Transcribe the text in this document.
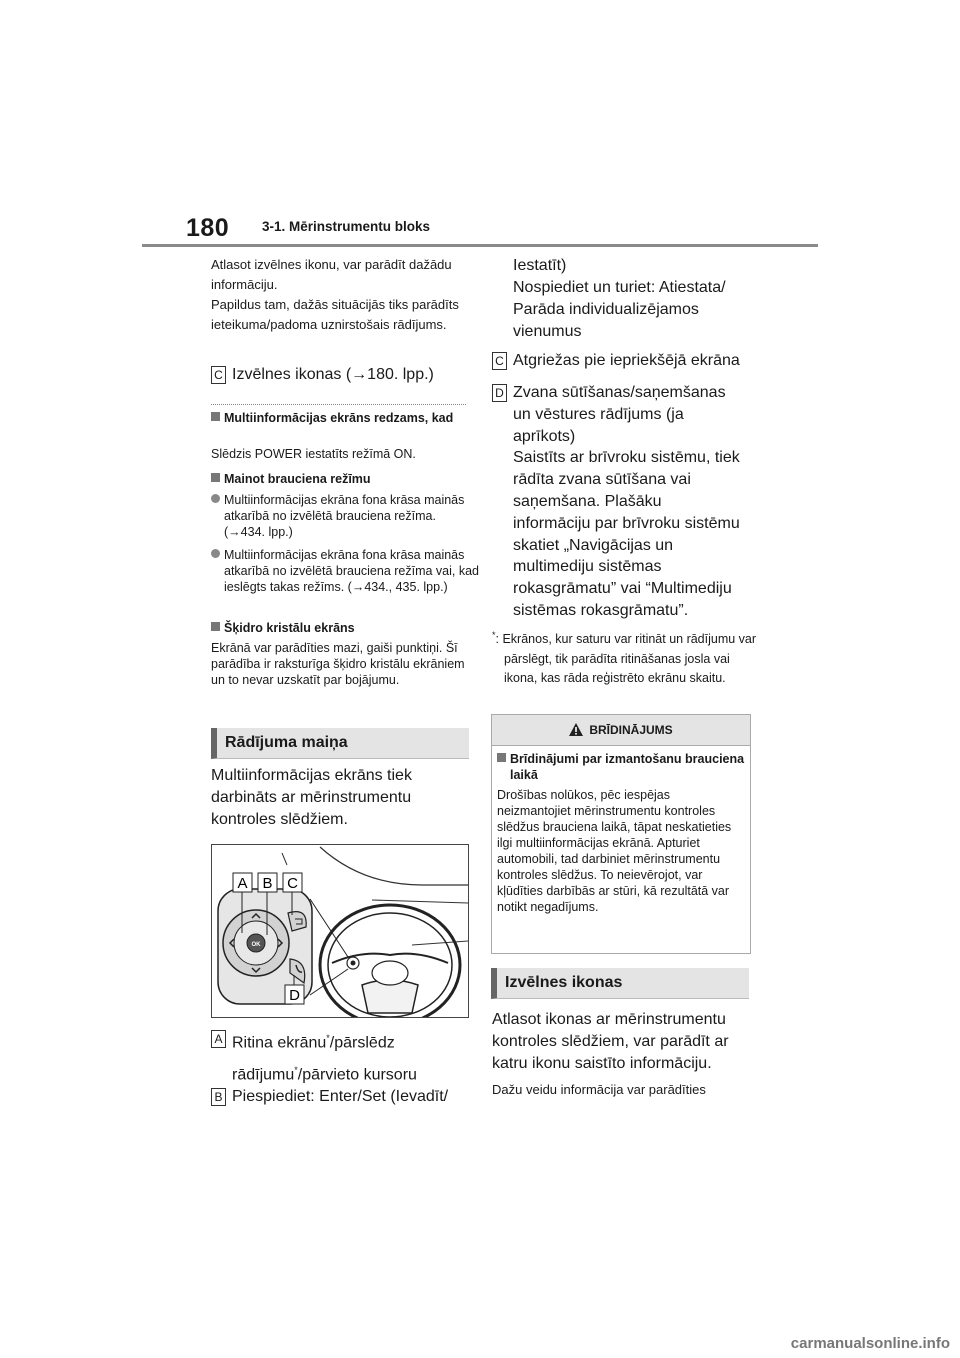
180 3-1. Mērinstrumentu bloks
Atlasot izvēlnes ikonu, var parādīt dažādu informāciju.
Papildus tam, dažās situācijās tiks parādīts ieteikuma/padoma uznirstošais rādījums.
C Izvēlnes ikonas (→180. lpp.)
Multiinformācijas ekrāns redzams, kad
Slēdzis POWER iestatīts režīmā ON.
Mainot brauciena režīmu
Multiinformācijas ekrāna fona krāsa mainās atkarībā no izvēlētā brauciena režīma. (→434. lpp.)
Multiinformācijas ekrāna fona krāsa mainās atkarībā no izvēlētā brauciena režīma vai, kad ieslēgts takas režīms. (→434., 435. lpp.)
Šķidro kristālu ekrāns
Ekrānā var parādīties mazi, gaiši punktiņi. Šī parādība ir raksturīga šķidro kristālu ekrāniem un to nevar uzskatīt par bojājumu.
Rādījuma maiņa
Multiinformācijas ekrāns tiek darbināts ar mērinstrumentu kontroles slēdžiem.
OK
A B C
D
A Ritina ekrānu*/pārslēdz
rādījumu*/pārvieto kursoru
B Piespiediet: Enter/Set (Ievadīt/
Iestatīt)
Nospiediet un turiet: Atiestata/
Parāda individualizējamos
vienumus
C Atgriežas pie iepriekšējā ekrāna
D Zvana sūtīšanas/saņemšanas
un vēstures rādījums (ja
aprīkots)
Saistīts ar brīvroku sistēmu, tiek
rādīta zvana sūtīšana vai
saņemšana. Plašāku
informāciju par brīvroku sistēmu
skatiet „Navigācijas un
multimediju sistēmas
rokasgrāmatu” vai “Multimediju
sistēmas rokasgrāmatu”.
*: Ekrānos, kur saturu var ritināt un rādījumu var pārslēgt, tik parādīta ritināšanas josla vai ikona, kas rāda reģistrēto ekrānu skaitu.
BRĪDINĀJUMS
Brīdinājumi par izmantošanu brauciena laikā
Drošības nolūkos, pēc iespējas neizmantojiet mērinstrumentu kontroles slēdžus brauciena laikā, tāpat neskatieties ilgi multiinformācijas ekrānā. Apturiet automobili, tad darbiniet mērinstrumentu kontroles slēdžus. To neievērojot, var kļūdīties darbībās ar stūri, kā rezultātā var notikt negadījums.
Izvēlnes ikonas
Atlasot ikonas ar mērinstrumentu kontroles slēdžiem, var parādīt ar katru ikonu saistīto informāciju.
Dažu veidu informācija var parādīties
carmanualsonline.info
